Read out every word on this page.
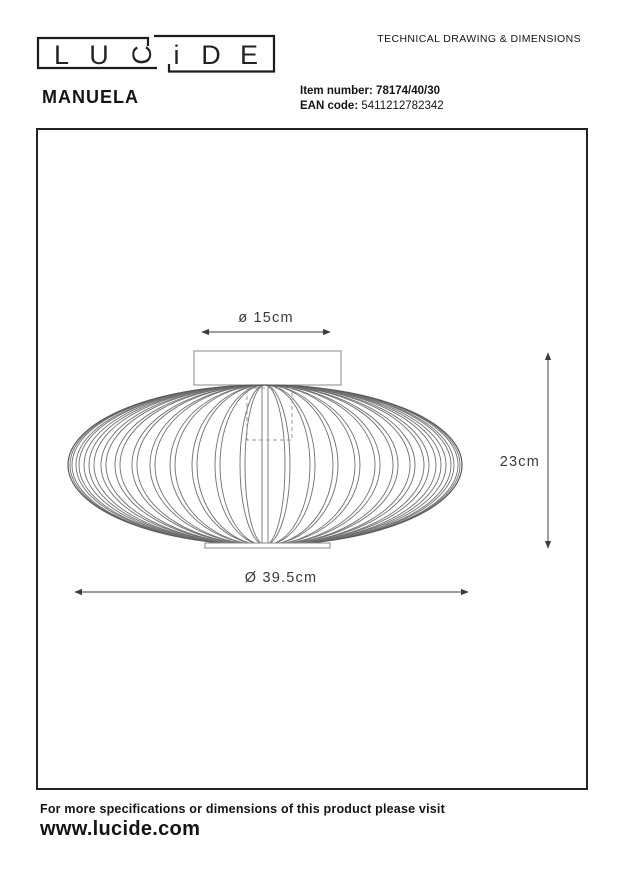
L U C i D E
TECHNICAL DRAWING & DIMENSIONS
MANUELA	Item number: 78174/40/30
EAN code: 5411212782342
ø 15cm
23cm
Ø 39.5cm
For more specifications or dimensions of this product please visit
www.lucide.com
